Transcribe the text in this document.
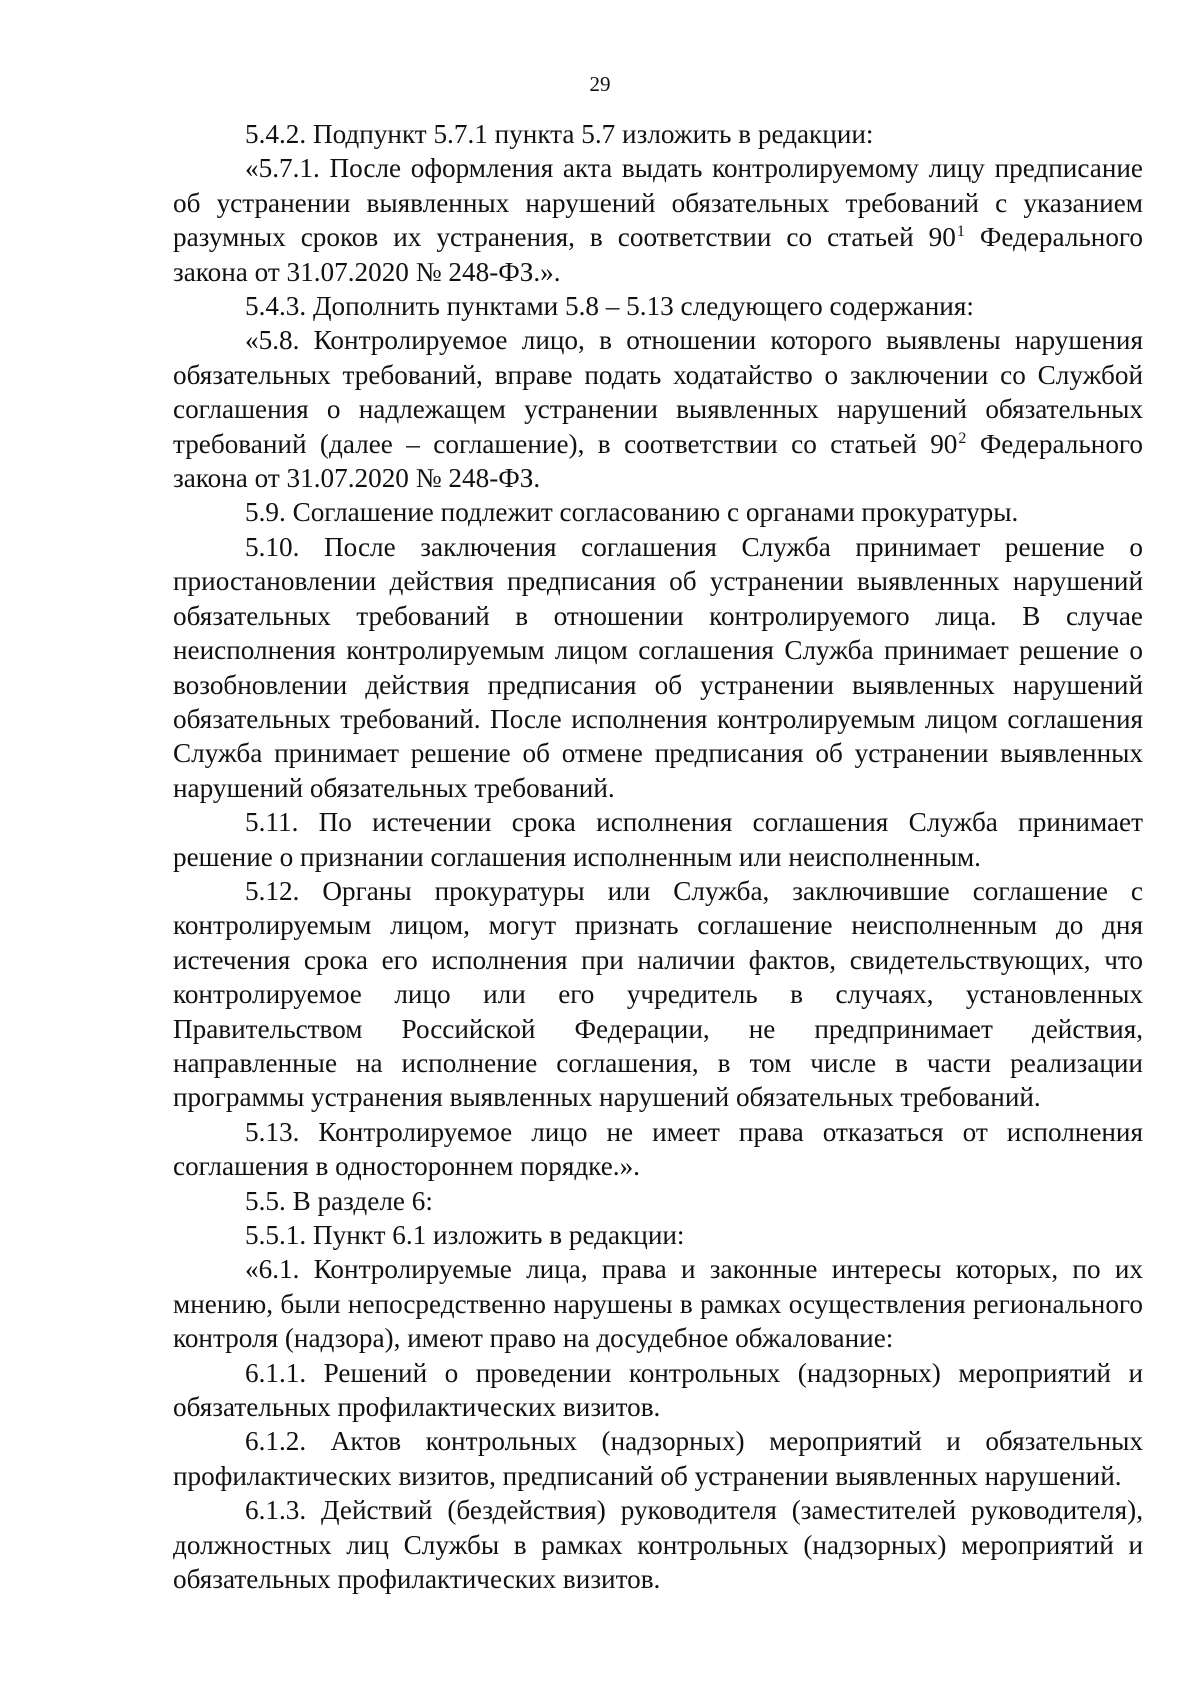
29

5.4.2. Подпункт 5.7.1 пункта 5.7 изложить в редакции:

«5.7.1. После оформления акта выдать контролируемому лицу предписание об устранении выявленных нарушений обязательных требований с указанием разумных сроков их устранения, в соответствии со статьей $90^1$ Федерального закона от 31.07.2020 № 248-ФЗ.».

5.4.3. Дополнить пунктами 5.8 – 5.13 следующего содержания:

«5.8. Контролируемое лицо, в отношении которого выявлены нарушения обязательных требований, вправе подать ходатайство о заключении со Службой соглашения о надлежащем устранении выявленных нарушений обязательных требований (далее – соглашение), в соответствии со статьей $90^2$ Федерального закона от 31.07.2020 № 248-ФЗ.

5.9. Соглашение подлежит согласованию с органами прокуратуры.

5.10. После заключения соглашения Служба принимает решение о приостановлении действия предписания об устранении выявленных нарушений обязательных требований в отношении контролируемого лица. В случае неисполнения контролируемым лицом соглашения Служба принимает решение о возобновлении действия предписания об устранении выявленных нарушений обязательных требований. После исполнения контролируемым лицом соглашения Служба принимает решение об отмене предписания об устранении выявленных нарушений обязательных требований.

5.11. По истечении срока исполнения соглашения Служба принимает решение о признании соглашения исполненным или неисполненным.

5.12. Органы прокуратуры или Служба, заключившие соглашение с контролируемым лицом, могут признать соглашение неисполненным до дня истечения срока его исполнения при наличии фактов, свидетельствующих, что контролируемое лицо или его учредитель в случаях, установленных Правительством Российской Федерации, не предпринимает действия, направленные на исполнение соглашения, в том числе в части реализации программы устранения выявленных нарушений обязательных требований.

5.13. Контролируемое лицо не имеет права отказаться от исполнения соглашения в одностороннем порядке.».

5.5. В разделе 6:

5.5.1. Пункт 6.1 изложить в редакции:

«6.1. Контролируемые лица, права и законные интересы которых, по их мнению, были непосредственно нарушены в рамках осуществления регионального контроля (надзора), имеют право на досудебное обжалование:

6.1.1. Решений о проведении контрольных (надзорных) мероприятий и обязательных профилактических визитов.

6.1.2. Актов контрольных (надзорных) мероприятий и обязательных профилактических визитов, предписаний об устранении выявленных нарушений.

6.1.3. Действий (бездействия) руководителя (заместителей руководителя), должностных лиц Службы в рамках контрольных (надзорных) мероприятий и обязательных профилактических визитов.
